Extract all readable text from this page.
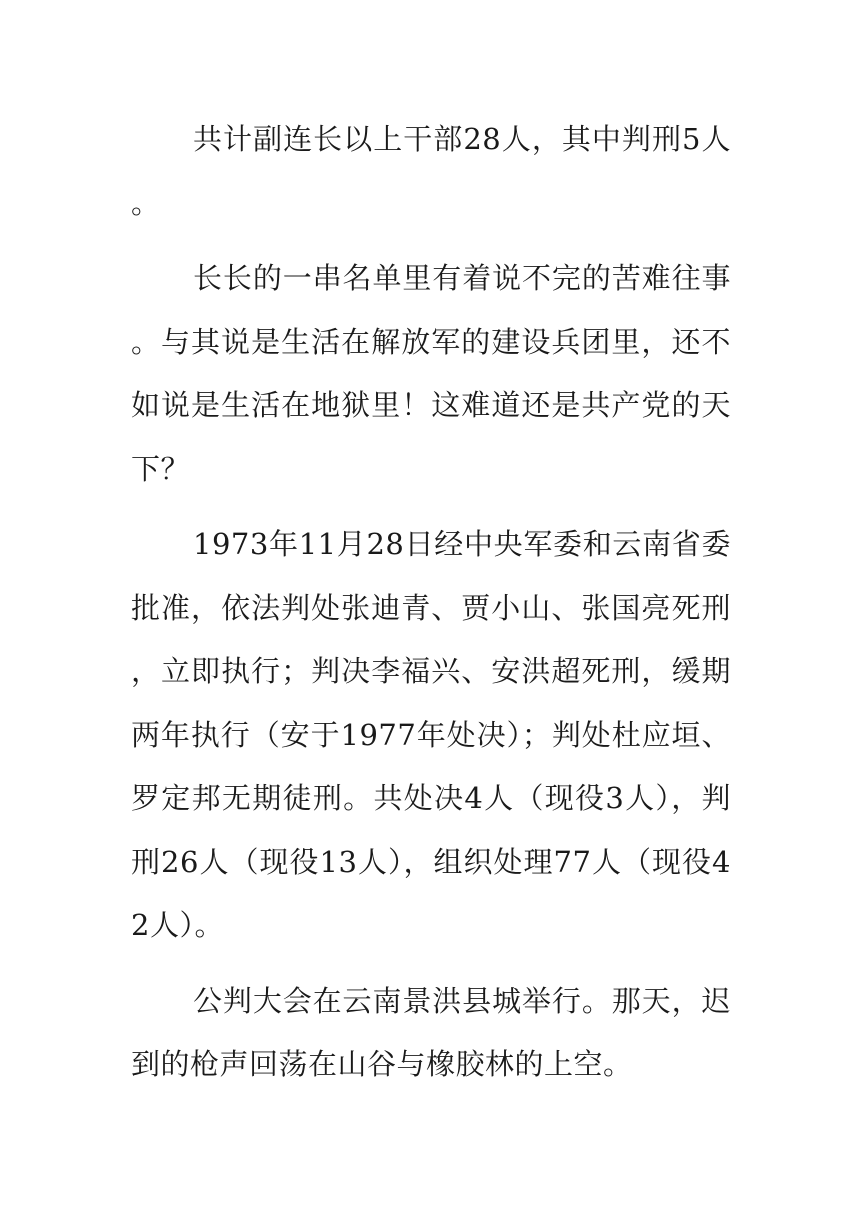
共计副连长以上干部28人，其中判刑5人。

长长的一串名单里有着说不完的苦难往事。与其说是生活在解放军的建设兵团里，还不如说是生活在地狱里！这难道还是共产党的天下？

1973年11月28日经中央军委和云南省委批准，依法判处张迪青、贾小山、张国亮死刑，立即执行；判决李福兴、安洪超死刑，缓期两年执行（安于1977年处决）；判处杜应垣、罗定邦无期徒刑。共处决4人（现役3人），判刑26人（现役13人），组织处理77人（现役42人）。

公判大会在云南景洪县城举行。那天，迟到的枪声回荡在山谷与橡胶林的上空。
